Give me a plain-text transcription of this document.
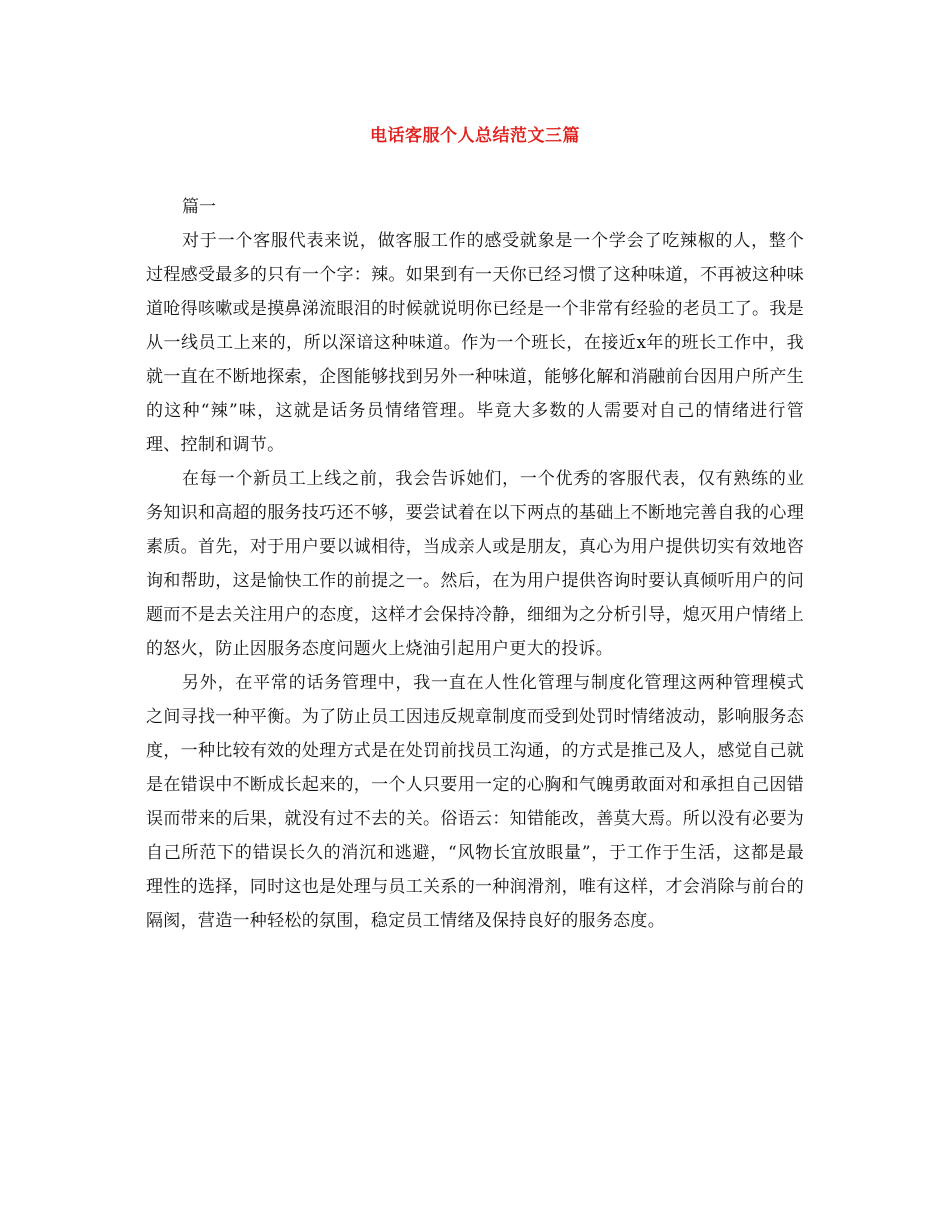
电话客服个人总结范文三篇

篇一

对于一个客服代表来说，做客服工作的感受就象是一个学会了吃辣椒的人，整个过程感受最多的只有一个字：辣。如果到有一天你已经习惯了这种味道，不再被这种味道呛得咳嗽或是摸鼻涕流眼泪的时候就说明你已经是一个非常有经验的老员工了。我是从一线员工上来的，所以深谙这种味道。作为一个班长，在接近x年的班长工作中，我就一直在不断地探索，企图能够找到另外一种味道，能够化解和消融前台因用户所产生的这种“辣”味，这就是话务员情绪管理。毕竟大多数的人需要对自己的情绪进行管理、控制和调节。

在每一个新员工上线之前，我会告诉她们，一个优秀的客服代表，仅有熟练的业务知识和高超的服务技巧还不够，要尝试着在以下两点的基础上不断地完善自我的心理素质。首先，对于用户要以诚相待，当成亲人或是朋友，真心为用户提供切实有效地咨询和帮助，这是愉快工作的前提之一。然后，在为用户提供咨询时要认真倾听用户的问题而不是去关注用户的态度，这样才会保持冷静，细细为之分析引导，熄灭用户情绪上的怒火，防止因服务态度问题火上烧油引起用户更大的投诉。

另外，在平常的话务管理中，我一直在人性化管理与制度化管理这两种管理模式之间寻找一种平衡。为了防止员工因违反规章制度而受到处罚时情绪波动，影响服务态度，一种比较有效的处理方式是在处罚前找员工沟通，的方式是推己及人，感觉自己就是在错误中不断成长起来的，一个人只要用一定的心胸和气魄勇敢面对和承担自己因错误而带来的后果，就没有过不去的关。俗语云：知错能改，善莫大焉。所以没有必要为自己所范下的错误长久的消沉和逃避，“风物长宜放眼量”，于工作于生活，这都是最理性的选择，同时这也是处理与员工关系的一种润滑剂，唯有这样，才会消除与前台的隔阂，营造一种轻松的氛围，稳定员工情绪及保持良好的服务态度。
